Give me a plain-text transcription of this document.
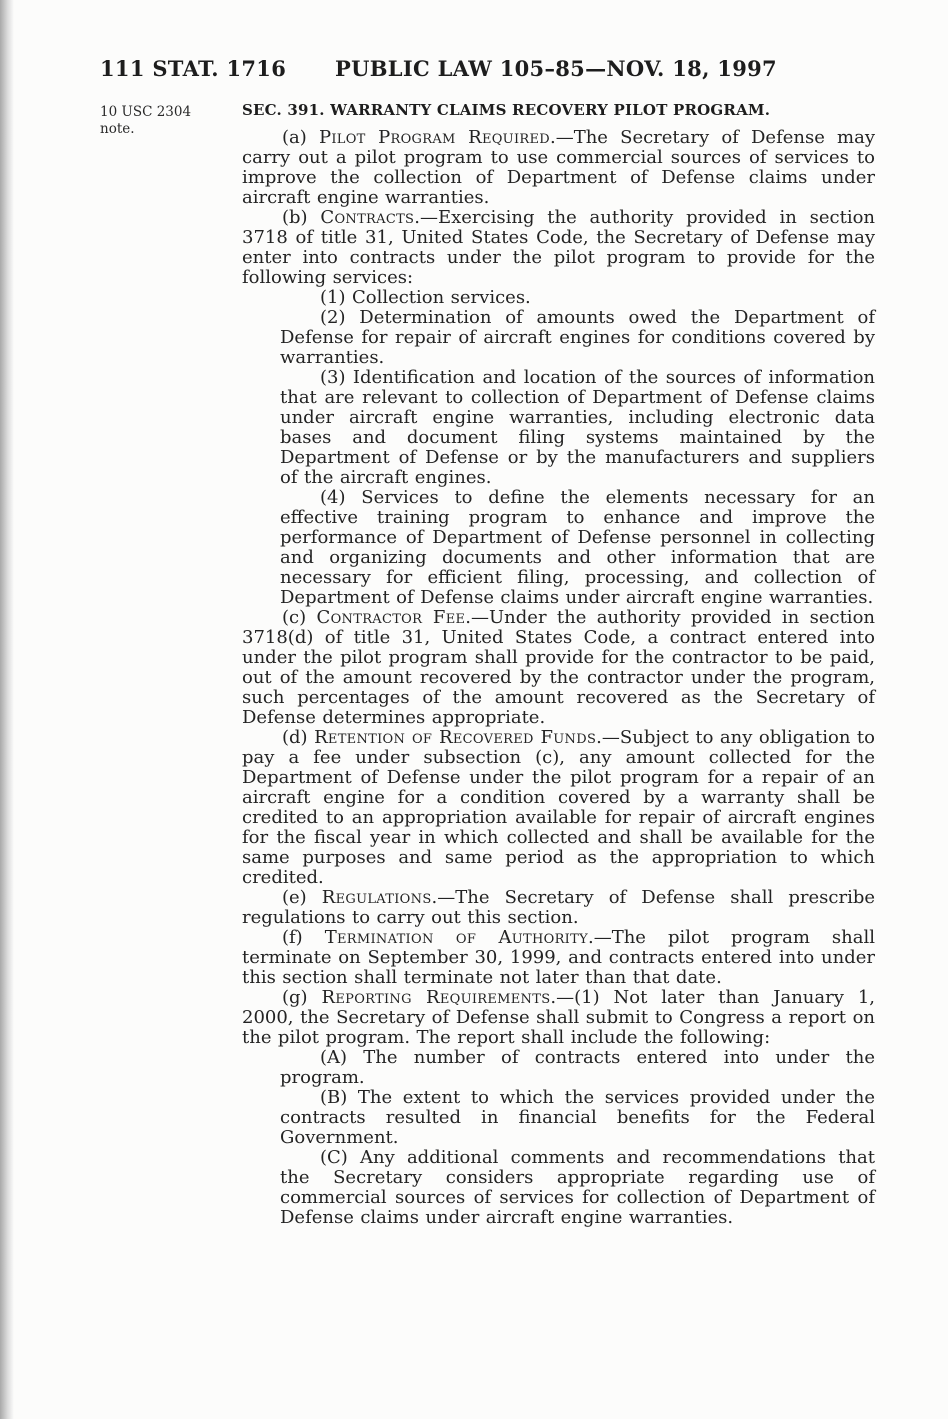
111 STAT. 1716 PUBLIC LAW 105–85—NOV. 18, 1997
10 USC 2304 note.

SEC. 391. WARRANTY CLAIMS RECOVERY PILOT PROGRAM.

(a) Pilot Program Required.—The Secretary of Defense may carry out a pilot program to use commercial sources of services to improve the collection of Department of Defense claims under aircraft engine warranties.

(b) Contracts.—Exercising the authority provided in section 3718 of title 31, United States Code, the Secretary of Defense may enter into contracts under the pilot program to provide for the following services:

(1) Collection services.

(2) Determination of amounts owed the Department of Defense for repair of aircraft engines for conditions covered by warranties.

(3) Identification and location of the sources of information that are relevant to collection of Department of Defense claims under aircraft engine warranties, including electronic data bases and document filing systems maintained by the Department of Defense or by the manufacturers and suppliers of the aircraft engines.

(4) Services to define the elements necessary for an effective training program to enhance and improve the performance of Department of Defense personnel in collecting and organizing documents and other information that are necessary for efficient filing, processing, and collection of Department of Defense claims under aircraft engine warranties.

(c) Contractor Fee.—Under the authority provided in section 3718(d) of title 31, United States Code, a contract entered into under the pilot program shall provide for the contractor to be paid, out of the amount recovered by the contractor under the program, such percentages of the amount recovered as the Secretary of Defense determines appropriate.

(d) Retention of Recovered Funds.—Subject to any obligation to pay a fee under subsection (c), any amount collected for the Department of Defense under the pilot program for a repair of an aircraft engine for a condition covered by a warranty shall be credited to an appropriation available for repair of aircraft engines for the fiscal year in which collected and shall be available for the same purposes and same period as the appropriation to which credited.

(e) Regulations.—The Secretary of Defense shall prescribe regulations to carry out this section.

(f) Termination of Authority.—The pilot program shall terminate on September 30, 1999, and contracts entered into under this section shall terminate not later than that date.

(g) Reporting Requirements.—(1) Not later than January 1, 2000, the Secretary of Defense shall submit to Congress a report on the pilot program. The report shall include the following:

(A) The number of contracts entered into under the program.

(B) The extent to which the services provided under the contracts resulted in financial benefits for the Federal Government.

(C) Any additional comments and recommendations that the Secretary considers appropriate regarding use of commercial sources of services for collection of Department of Defense claims under aircraft engine warranties.
